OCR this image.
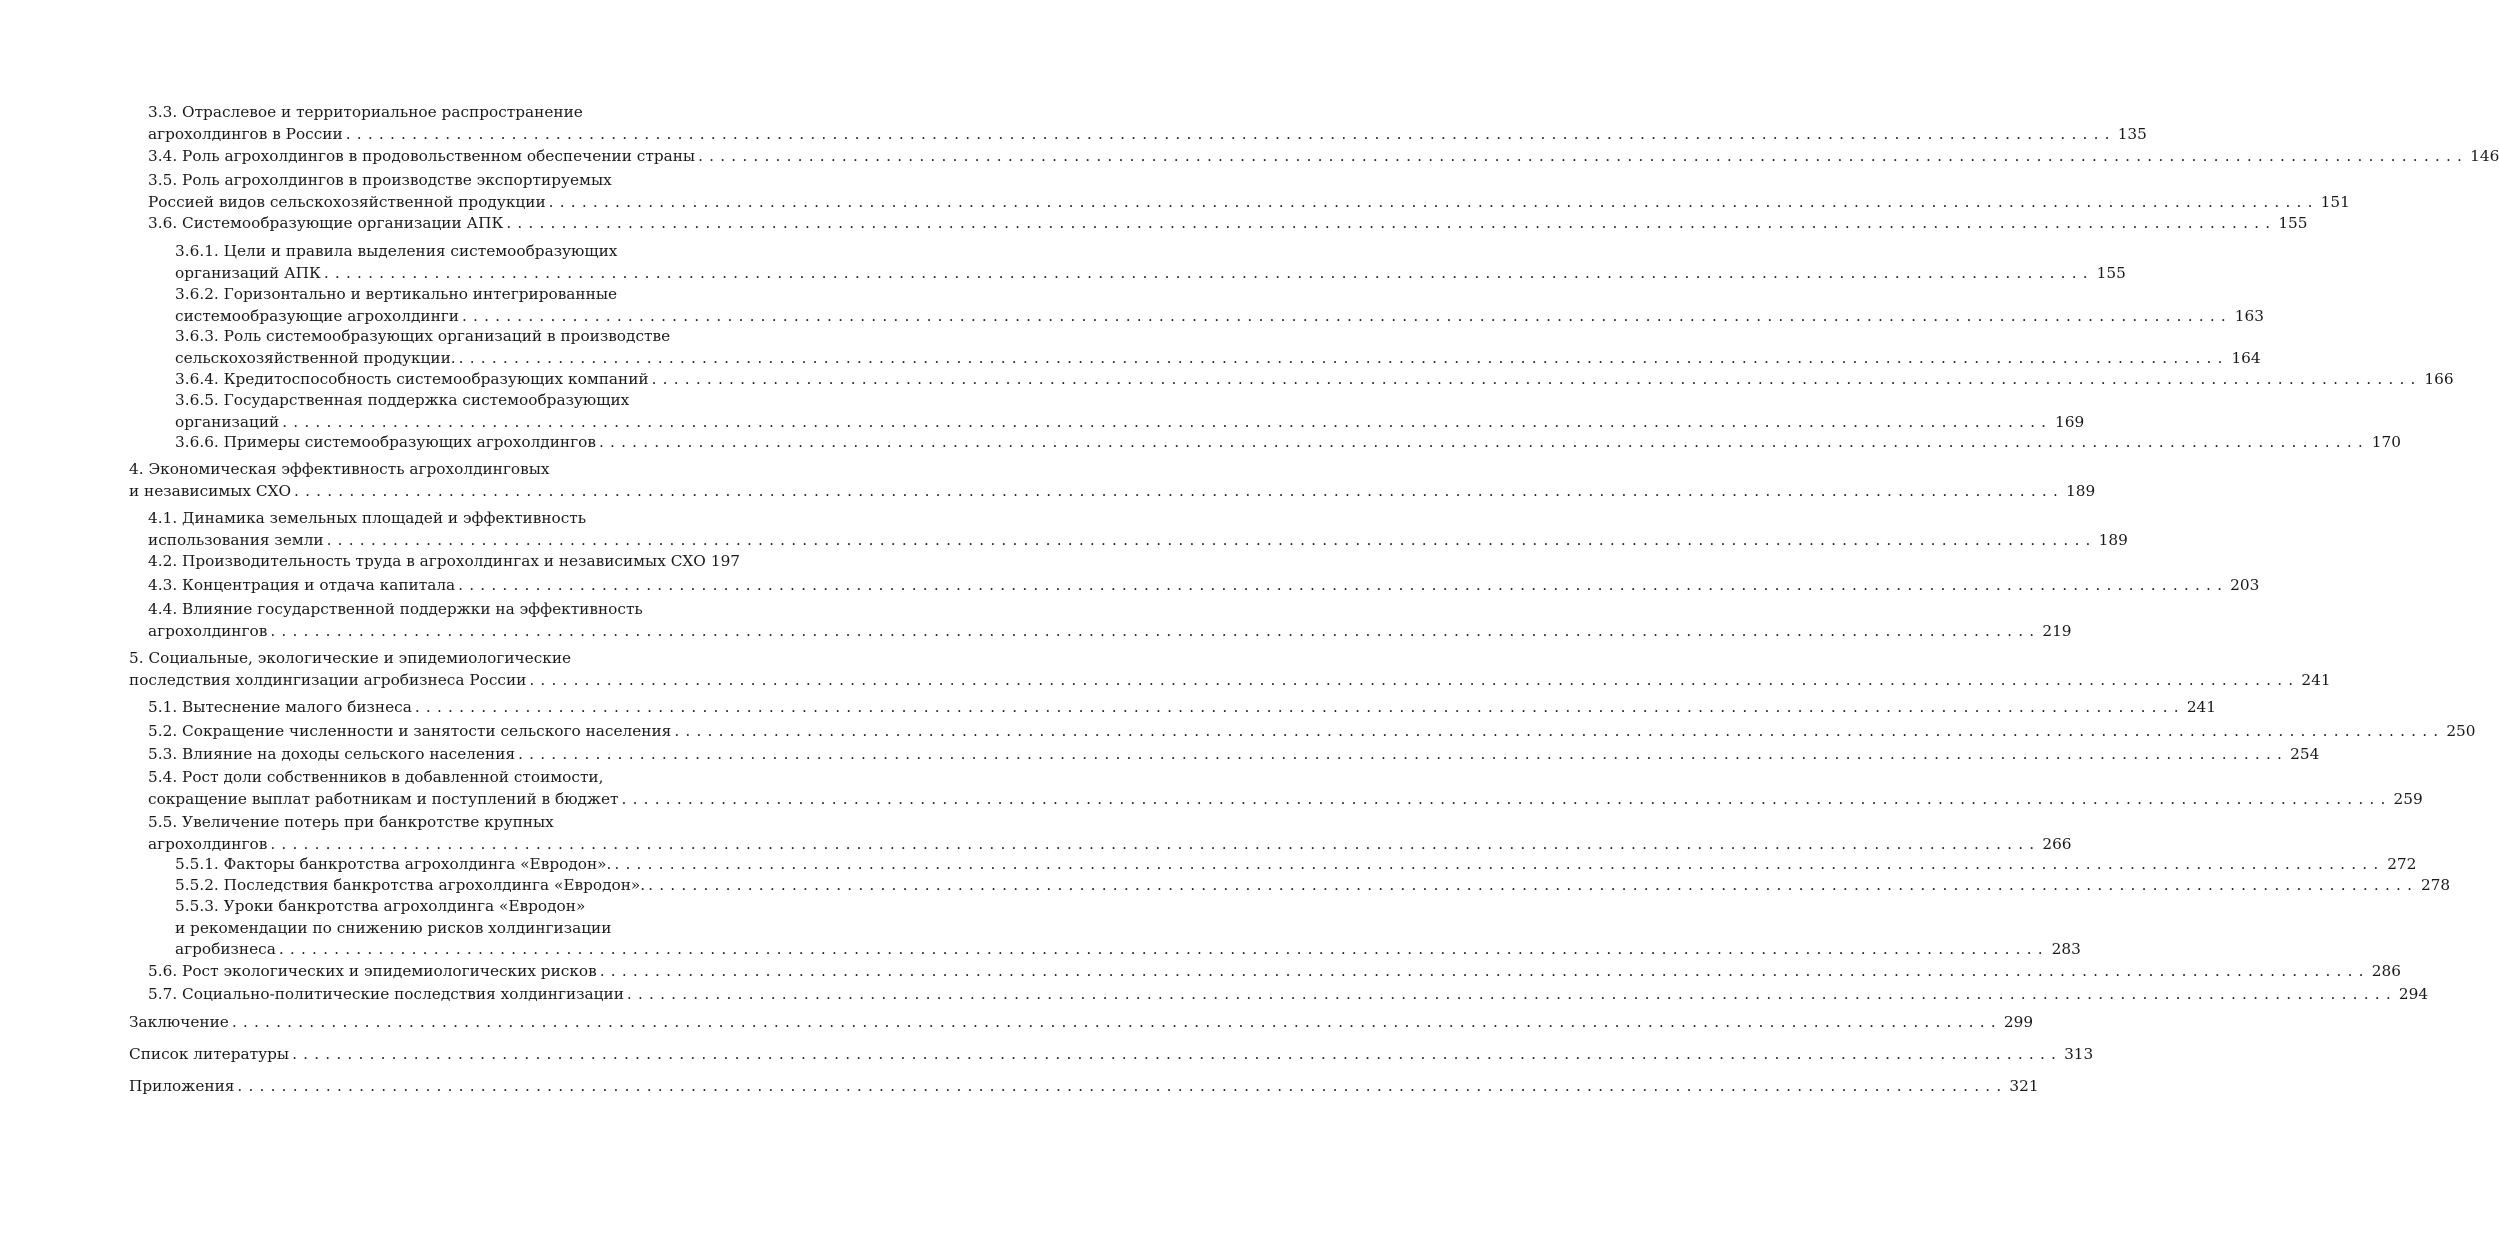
3.3. Отраслевое и территориальное распространение
агрохолдингов в России ................................................................................................................................................................ 135
3.4. Роль агрохолдингов в продовольственном обеспечении страны ................................................................................................................................................................ 146
3.5. Роль агрохолдингов в производстве экспортируемых
Россией видов сельскохозяйственной продукции ................................................................................................................................................................ 151
3.6. Системообразующие организации АПК ................................................................................................................................................................ 155
3.6.1. Цели и правила выделения системообразующих
организаций АПК ................................................................................................................................................................ 155
3.6.2. Горизонтально и вертикально интегрированные
системообразующие агрохолдинги ................................................................................................................................................................ 163
3.6.3. Роль системообразующих организаций в производстве
сельскохозяйственной продукции. ................................................................................................................................................................ 164
3.6.4. Кредитоспособность системообразующих компаний ................................................................................................................................................................ 166
3.6.5. Государственная поддержка системообразующих
организаций ................................................................................................................................................................ 169
3.6.6. Примеры системообразующих агрохолдингов ................................................................................................................................................................ 170
4. Экономическая эффективность агрохолдинговых
и независимых СХО ................................................................................................................................................................ 189
4.1. Динамика земельных площадей и эффективность
использования земли ................................................................................................................................................................ 189
4.2. Производительность труда в агрохолдингах и независимых СХО 197
4.3. Концентрация и отдача капитала ................................................................................................................................................................ 203
4.4. Влияние государственной поддержки на эффективность
агрохолдингов ................................................................................................................................................................ 219
5. Социальные, экологические и эпидемиологические
последствия холдингизации агробизнеса России ................................................................................................................................................................ 241
5.1. Вытеснение малого бизнеса ................................................................................................................................................................ 241
5.2. Сокращение численности и занятости сельского населения ................................................................................................................................................................ 250
5.3. Влияние на доходы сельского населения ................................................................................................................................................................ 254
5.4. Рост доли собственников в добавленной стоимости,
сокращение выплат работникам и поступлений в бюджет ................................................................................................................................................................ 259
5.5. Увеличение потерь при банкротстве крупных
агрохолдингов ................................................................................................................................................................ 266
5.5.1. Факторы банкротства агрохолдинга «Евродон». ................................................................................................................................................................ 272
5.5.2. Последствия банкротства агрохолдинга «Евродон». ................................................................................................................................................................ 278
5.5.3. Уроки банкротства агрохолдинга «Евродон»
и рекомендации по снижению рисков холдингизации
агробизнеса ................................................................................................................................................................ 283
5.6. Рост экологических и эпидемиологических рисков ................................................................................................................................................................ 286
5.7. Социально-политические последствия холдингизации ................................................................................................................................................................ 294
Заключение ................................................................................................................................................................ 299
Список литературы ................................................................................................................................................................ 313
Приложения ................................................................................................................................................................ 321
